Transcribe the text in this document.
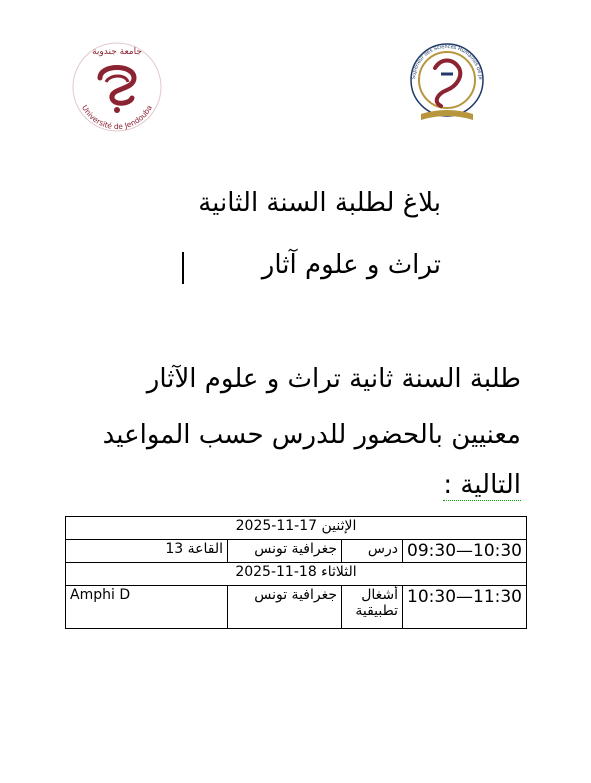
جامعة جندوبة
Université de Jendouba
Supérieur des Sciences Humaines de Je
بلاغ لطلبة السنة الثانية
تراث و علوم آثار
طلبة السنة ثانية تراث و علوم الآثار
معنيين بالحضور للدرس حسب المواعيد
التالية :
الإثنين 17-11-2025			
09:30—10:30	درس	جغرافية تونس	القاعة 13
الثلاثاء 18-11-2025			
10:30—11:30	أشغال تطبيقية	جغرافية تونس	Amphi D
